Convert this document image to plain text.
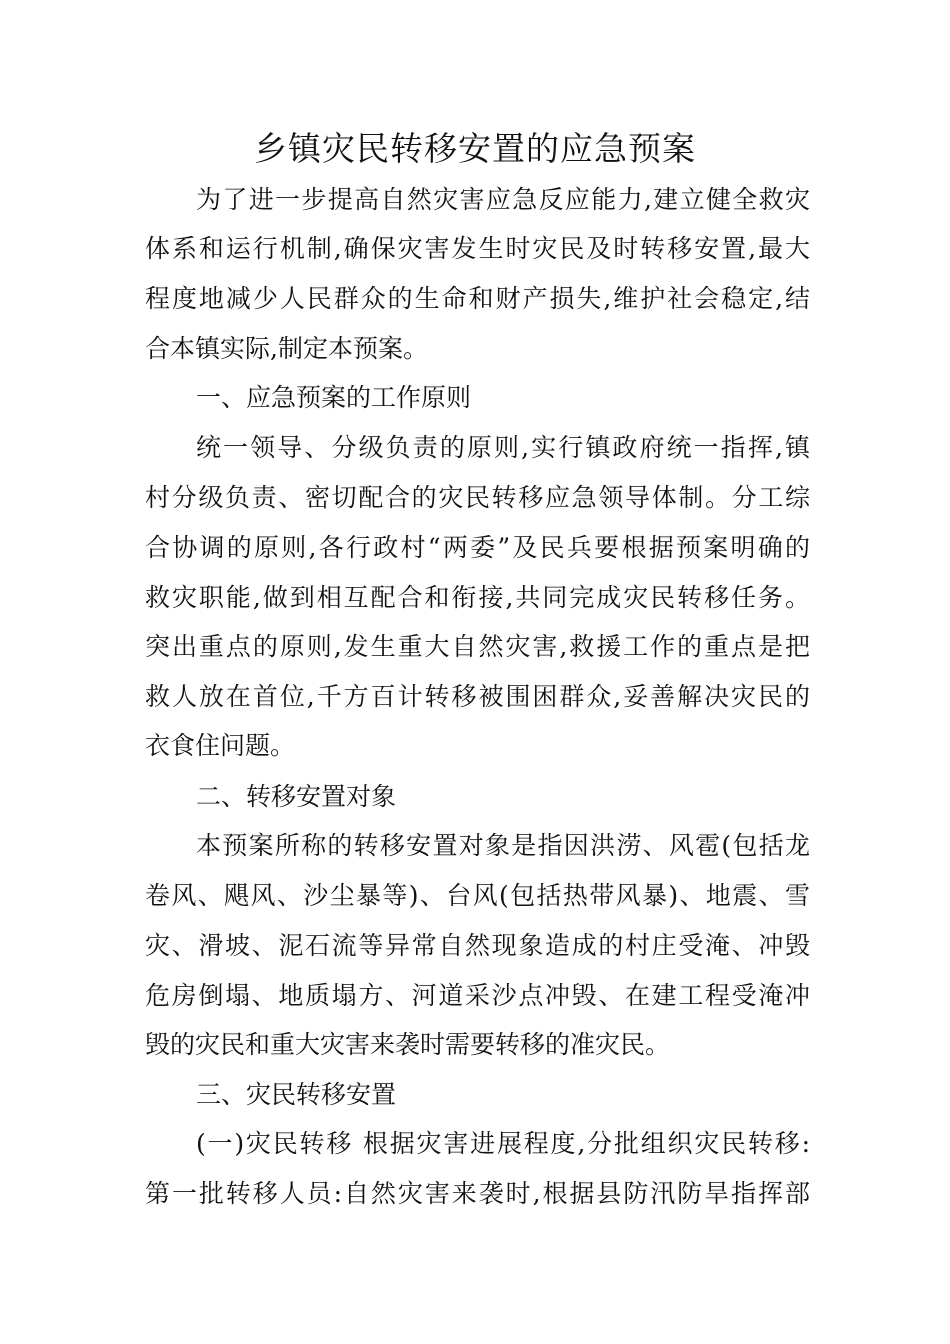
乡镇灾民转移安置的应急预案

为了进一步提高自然灾害应急反应能力,建立健全救灾

体系和运行机制,确保灾害发生时灾民及时转移安置,最大

程度地减少人民群众的生命和财产损失,维护社会稳定,结

合本镇实际,制定本预案。

一、应急预案的工作原则

统一领导、分级负责的原则,实行镇政府统一指挥,镇

村分级负责、密切配合的灾民转移应急领导体制。分工综

合协调的原则,各行政村“两委”及民兵要根据预案明确的

救灾职能,做到相互配合和衔接,共同完成灾民转移任务。

突出重点的原则,发生重大自然灾害,救援工作的重点是把

救人放在首位,千方百计转移被围困群众,妥善解决灾民的

衣食住问题。

二、转移安置对象

本预案所称的转移安置对象是指因洪涝、风雹(包括龙

卷风、飓风、沙尘暴等)、台风(包括热带风暴)、地震、雪

灾、滑坡、泥石流等异常自然现象造成的村庄受淹、冲毁

危房倒塌、地质塌方、河道采沙点冲毁、在建工程受淹冲

毁的灾民和重大灾害来袭时需要转移的准灾民。

三、灾民转移安置

(一)灾民转移 根据灾害进展程度,分批组织灾民转移:

第一批转移人员:自然灾害来袭时,根据县防汛防旱指挥部
